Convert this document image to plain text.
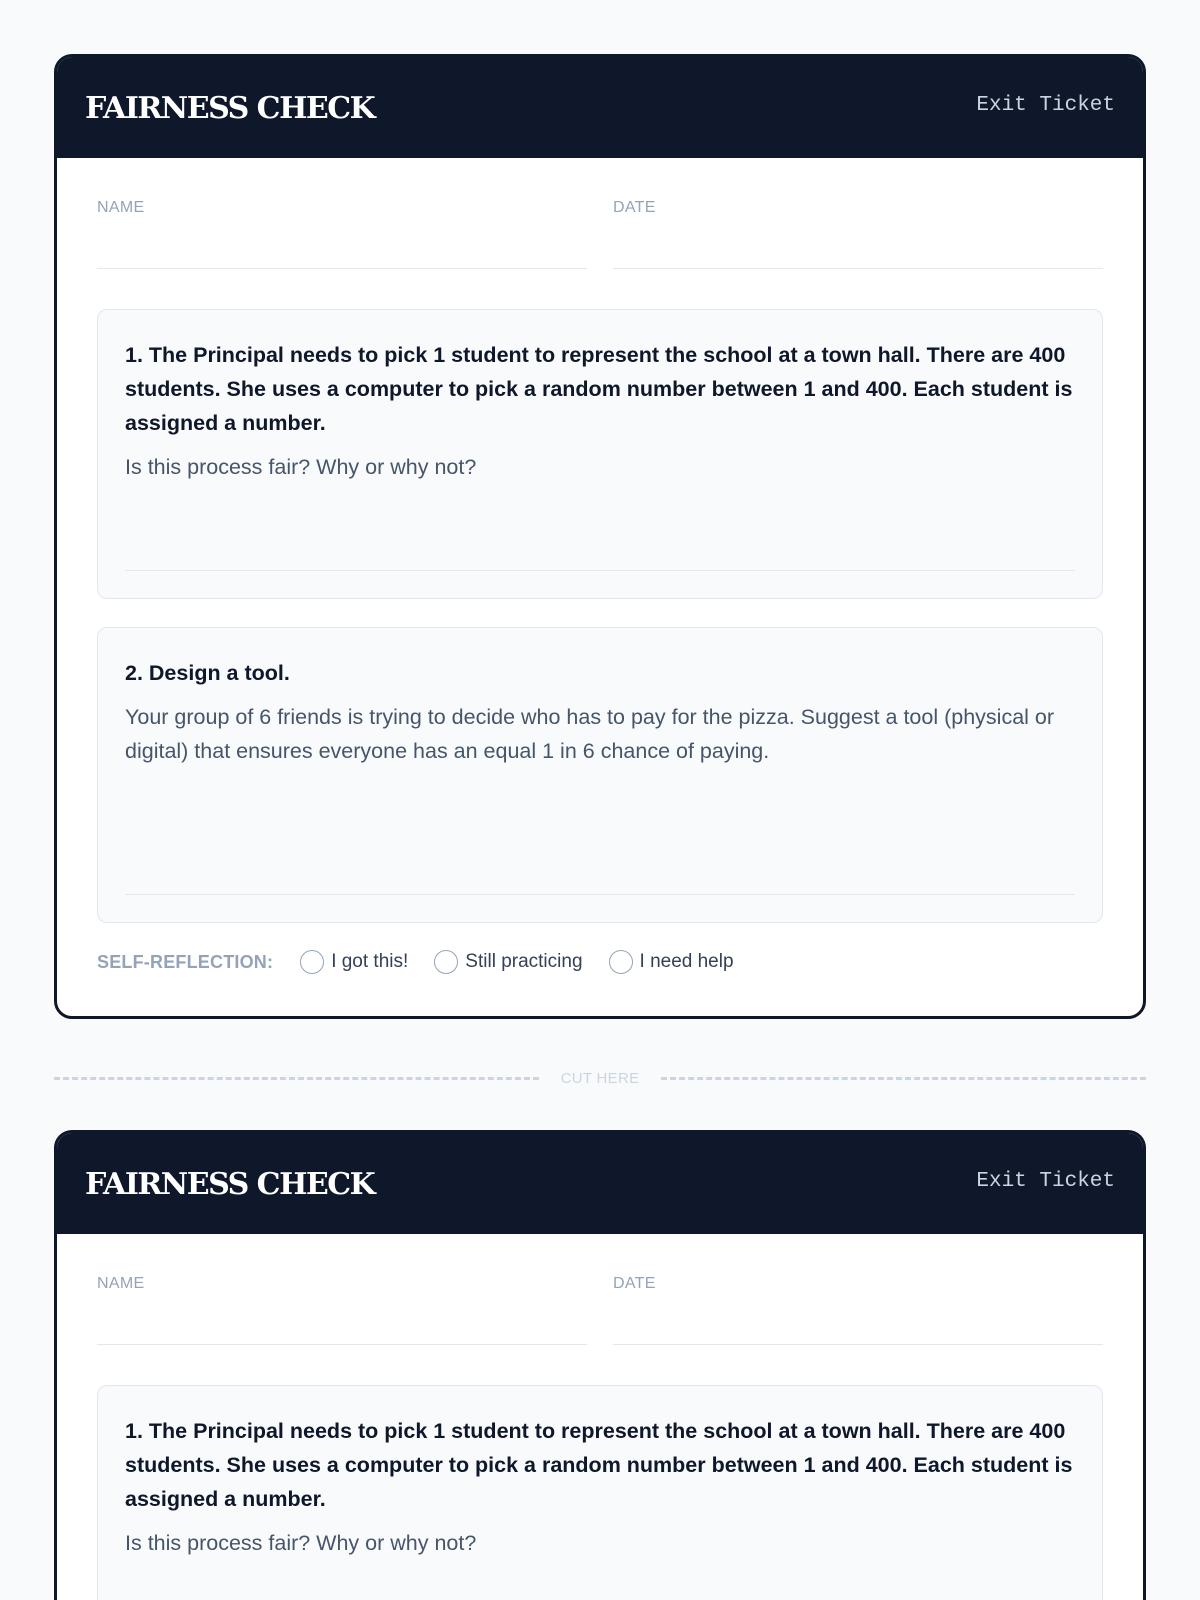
FAIRNESS CHECK	Exit Ticket
NAME	DATE
1. The Principal needs to pick 1 student to represent the school at a town hall. There are 400 students. She uses a computer to pick a random number between 1 and 400. Each student is assigned a number.
Is this process fair? Why or why not?
2. Design a tool.
Your group of 6 friends is trying to decide who has to pay for the pizza. Suggest a tool (physical or digital) that ensures everyone has an equal 1 in 6 chance of paying.
SELF-REFLECTION:	I got this!	Still practicing	I need help
CUT HERE
FAIRNESS CHECK	Exit Ticket
NAME	DATE
1. The Principal needs to pick 1 student to represent the school at a town hall. There are 400 students. She uses a computer to pick a random number between 1 and 400. Each student is assigned a number.
Is this process fair? Why or why not?
